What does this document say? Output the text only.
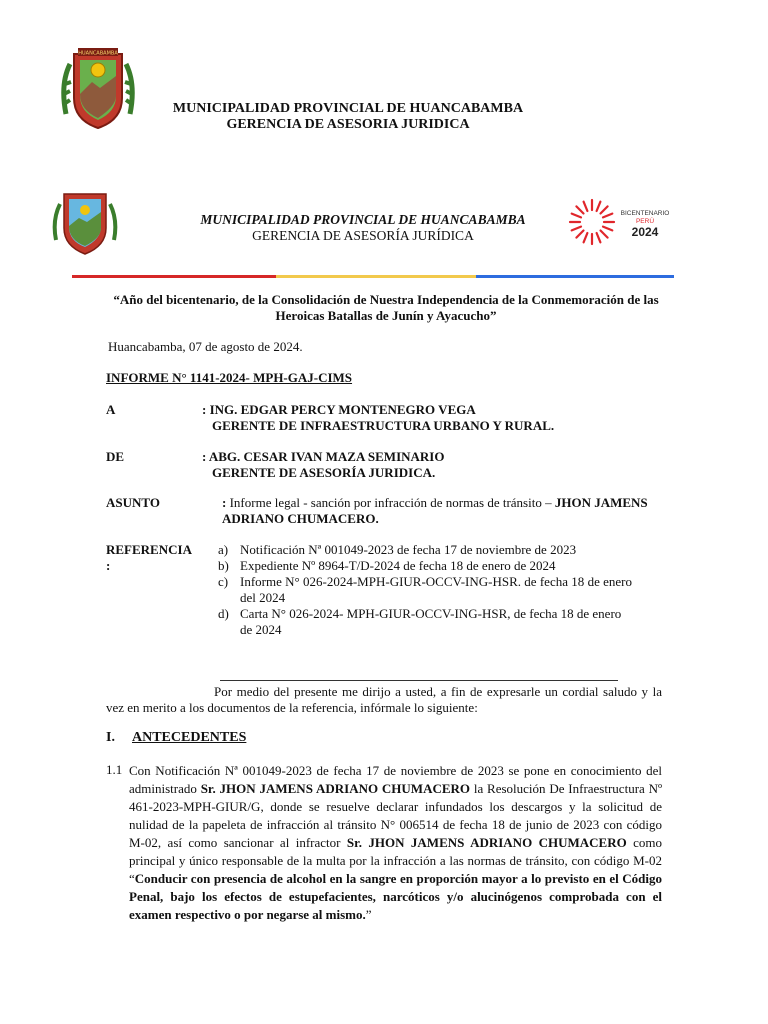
HUANCABAMBA
MUNICIPALIDAD PROVINCIAL DE HUANCABAMBA
GERENCIA DE ASESORIA JURIDICA
MUNICIPALIDAD PROVINCIAL DE HUANCABAMBA
GERENCIA DE ASESORÍA JURÍDICA
BICENTENARIO
PERÚ
2024
“Año del bicentenario, de la Consolidación de Nuestra Independencia de la Conmemoración de las Heroicas Batallas de Junín y Ayacucho”
Huancabamba, 07 de agosto de 2024.
INFORME N° 1141-2024- MPH-GAJ-CIMS
A	: ING. EDGAR PERCY MONTENEGRO VEGA
GERENTE DE INFRAESTRUCTURA URBANO Y RURAL.
DE	: ABG. CESAR IVAN MAZA SEMINARIO
GERENTE DE ASESORÍA JURIDICA.
ASUNTO	: Informe legal - sanción por infracción de normas de tránsito – JHON JAMENS ADRIANO CHUMACERO.
REFERENCIA
:
a) Notificación Nª 001049-2023 de fecha 17 de noviembre de 2023
b) Expediente Nº 8964-T/D-2024 de fecha 18 de enero de 2024
c) Informe N° 026-2024-MPH-GIUR-OCCV-ING-HSR. de fecha 18 de enero del 2024
d) Carta N° 026-2024- MPH-GIUR-OCCV-ING-HSR, de fecha 18 de enero de 2024
Por medio del presente me dirijo a usted, a fin de expresarle un cordial saludo y la vez en merito a los documentos de la referencia, infórmale lo siguiente:
I. ANTECEDENTES
1.1 Con Notificación Nª 001049-2023 de fecha 17 de noviembre de 2023 se pone en conocimiento del administrado Sr. JHON JAMENS ADRIANO CHUMACERO la Resolución De Infraestructura Nº 461-2023-MPH-GIUR/G, donde se resuelve declarar infundados los descargos y la solicitud de nulidad de la papeleta de infracción al tránsito N° 006514 de fecha 18 de junio de 2023 con código M-02, así como sancionar al infractor Sr. JHON JAMENS ADRIANO CHUMACERO como principal y único responsable de la multa por la infracción a las normas de tránsito, con código M-02 “Conducir con presencia de alcohol en la sangre en proporción mayor a lo previsto en el Código Penal, bajo los efectos de estupefacientes, narcóticos y/o alucinógenos comprobada con el examen respectivo o por negarse al mismo.”
